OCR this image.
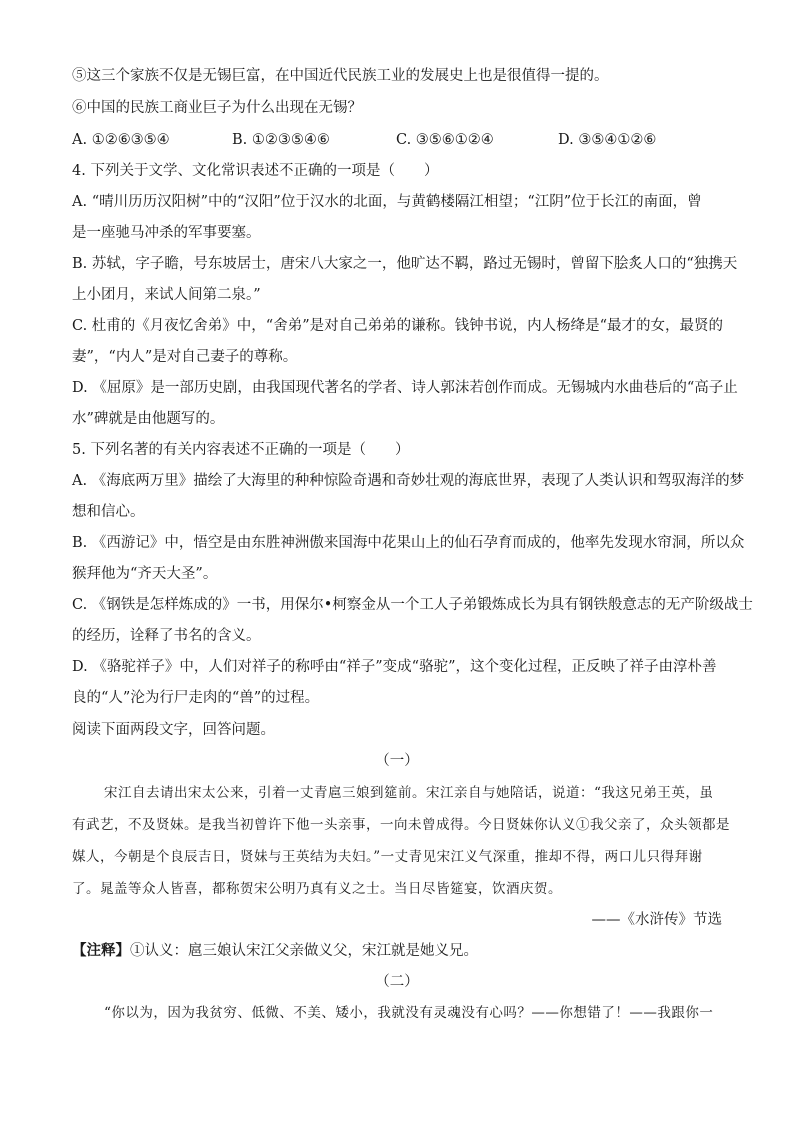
⑤这三个家族不仅是无锡巨富，在中国近代民族工业的发展史上也是很值得一提的。
⑥中国的民族工商业巨子为什么出现在无锡？
A. ①②⑥③⑤④	B. ①②③⑤④⑥	C. ③⑤⑥①②④	D. ③⑤④①②⑥
4. 下列关于文学、文化常识表述不正确的一项是（　　）
A. “晴川历历汉阳树”中的“汉阳”位于汉水的北面，与黄鹤楼隔江相望；“江阴”位于长江的南面，曾
是一座驰马冲杀的军事要塞。
B. 苏轼，字子瞻，号东坡居士，唐宋八大家之一，他旷达不羁，路过无锡时，曾留下脍炙人口的“独携天
上小团月，来试人间第二泉。”
C. 杜甫的《月夜忆舍弟》中，“舍弟”是对自己弟弟的谦称。钱钟书说，内人杨绛是“最才的女，最贤的
妻”，“内人”是对自己妻子的尊称。
D. 《屈原》是一部历史剧，由我国现代著名的学者、诗人郭沫若创作而成。无锡城内水曲巷后的“高子止
水”碑就是由他题写的。
5. 下列名著的有关内容表述不正确的一项是（　　）
A. 《海底两万里》描绘了大海里的种种惊险奇遇和奇妙壮观的海底世界，表现了人类认识和驾驭海洋的梦
想和信心。
B. 《西游记》中，悟空是由东胜神洲傲来国海中花果山上的仙石孕育而成的，他率先发现水帘洞，所以众
猴拜他为“齐天大圣”。
C. 《钢铁是怎样炼成的》一书，用保尔•柯察金从一个工人子弟锻炼成长为具有钢铁般意志的无产阶级战士
的经历，诠释了书名的含义。
D. 《骆驼祥子》中，人们对祥子的称呼由“祥子”变成“骆驼”，这个变化过程，正反映了祥子由淳朴善
良的“人”沦为行尸走肉的“兽”的过程。
阅读下面两段文字，回答问题。
（一）
宋江自去请出宋太公来，引着一丈青扈三娘到筵前。宋江亲自与她陪话，说道：“我这兄弟王英，虽
有武艺，不及贤妹。是我当初曾许下他一头亲事，一向未曾成得。今日贤妹你认义①我父亲了，众头领都是
媒人，今朝是个良辰吉日，贤妹与王英结为夫妇。”一丈青见宋江义气深重，推却不得，两口儿只得拜谢
了。晁盖等众人皆喜，都称贺宋公明乃真有义之士。当日尽皆筵宴，饮酒庆贺。
——《水浒传》节选
【注释】①认义：扈三娘认宋江父亲做义父，宋江就是她义兄。
（二）
“你以为，因为我贫穷、低微、不美、矮小，我就没有灵魂没有心吗？——你想错了！——我跟你一
